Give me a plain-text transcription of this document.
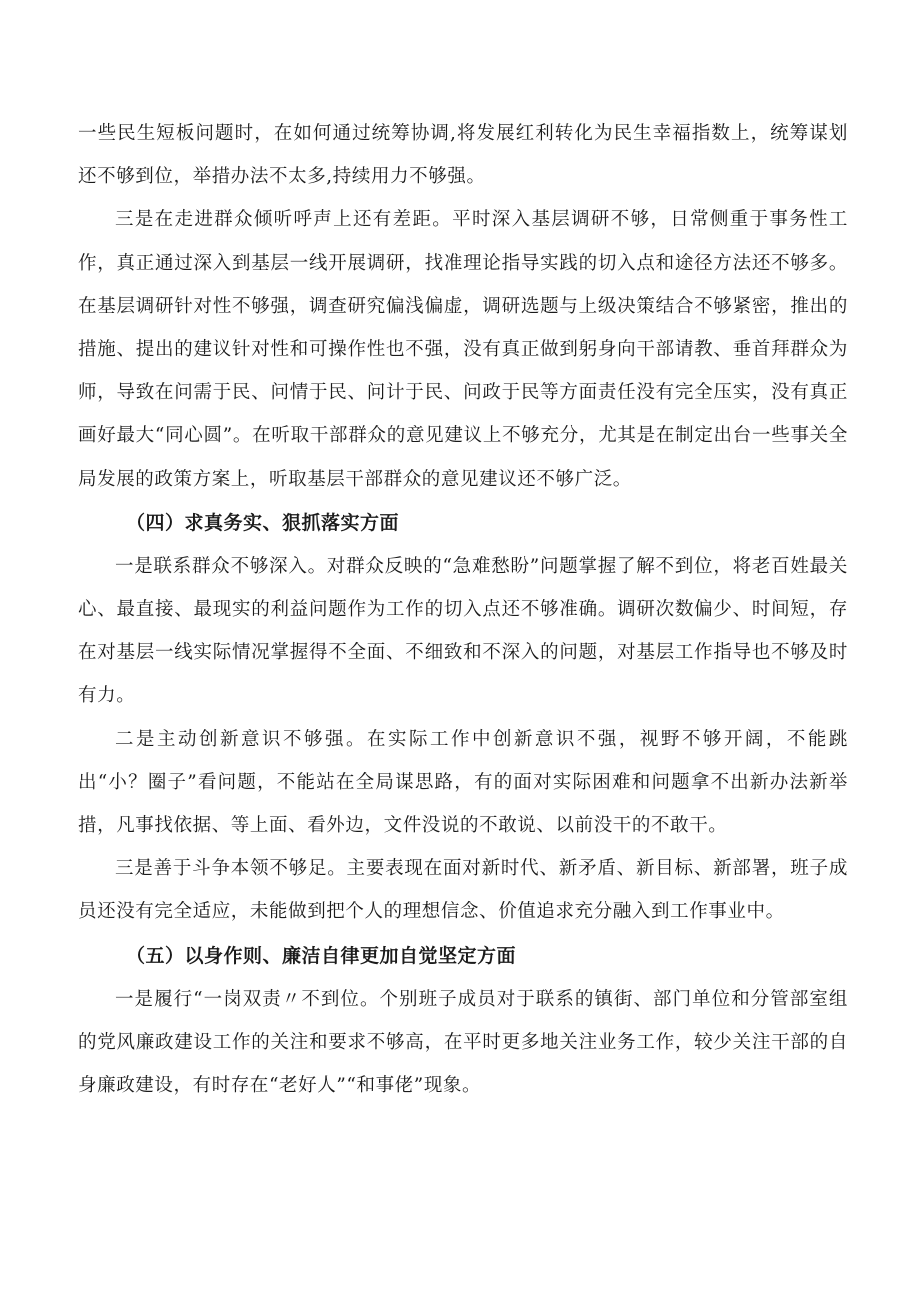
一些民生短板问题时，在如何通过统筹协调,将发展红利转化为民生幸福指数上，统筹谋划还不够到位，举措办法不太多,持续用力不够强。

三是在走进群众倾听呼声上还有差距。平时深入基层调研不够，日常侧重于事务性工作，真正通过深入到基层一线开展调研，找准理论指导实践的切入点和途径方法还不够多。在基层调研针对性不够强，调查研究偏浅偏虚，调研选题与上级决策结合不够紧密，推出的措施、提出的建议针对性和可操作性也不强，没有真正做到躬身向干部请教、垂首拜群众为师，导致在问需于民、问情于民、问计于民、问政于民等方面责任没有完全压实，没有真正画好最大“同心圆”。在听取干部群众的意见建议上不够充分，尤其是在制定出台一些事关全局发展的政策方案上，听取基层干部群众的意见建议还不够广泛。

（四）求真务实、狠抓落实方面

一是联系群众不够深入。对群众反映的“急难愁盼”问题掌握了解不到位，将老百姓最关心、最直接、最现实的利益问题作为工作的切入点还不够准确。调研次数偏少、时间短，存在对基层一线实际情况掌握得不全面、不细致和不深入的问题，对基层工作指导也不够及时有力。

二是主动创新意识不够强。在实际工作中创新意识不强，视野不够开阔，不能跳出“小？圈子”看问题，不能站在全局谋思路，有的面对实际困难和问题拿不出新办法新举措，凡事找依据、等上面、看外边，文件没说的不敢说、以前没干的不敢干。

三是善于斗争本领不够足。主要表现在面对新时代、新矛盾、新目标、新部署，班子成员还没有完全适应，未能做到把个人的理想信念、价值追求充分融入到工作事业中。

（五）以身作则、廉洁自律更加自觉坚定方面

一是履行“一岗双责〃不到位。个别班子成员对于联系的镇街、部门单位和分管部室组的党风廉政建设工作的关注和要求不够高，在平时更多地关注业务工作，较少关注干部的自身廉政建设，有时存在“老好人”“和事佬”现象。
